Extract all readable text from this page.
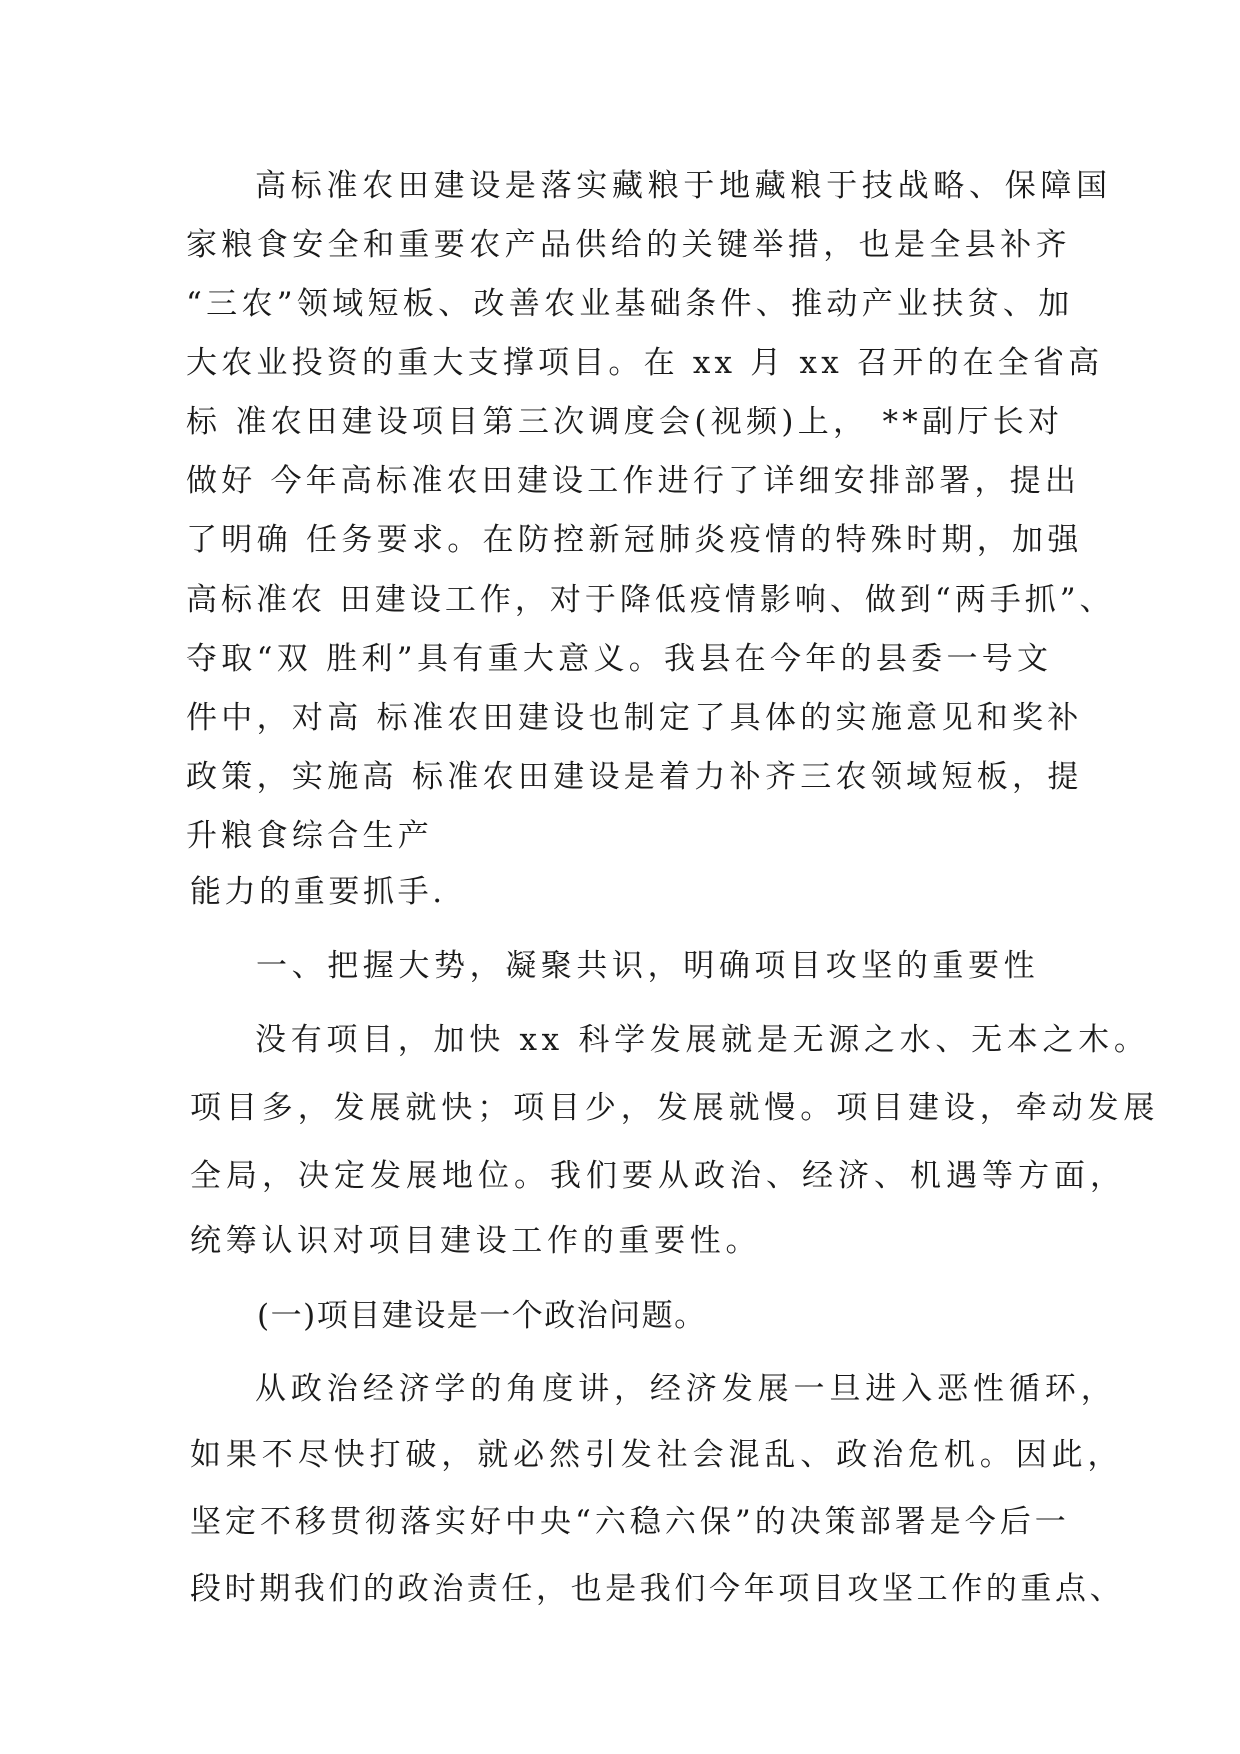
高标准农田建设是落实藏粮于地藏粮于技战略、保障国
家粮食安全和重要农产品供给的关键举措，也是全县补齐
“三农”领域短板、改善农业基础条件、推动产业扶贫、加
大农业投资的重大支撑项目。在 xx 月 xx 召开的在全省高
标 准农田建设项目第三次调度会(视频)上， **副厅长对
做好 今年高标准农田建设工作进行了详细安排部署，提出
了明确 任务要求。在防控新冠肺炎疫情的特殊时期，加强
高标准农 田建设工作，对于降低疫情影响、做到“两手抓”、
夺取“双 胜利”具有重大意义。我县在今年的县委一号文
件中，对高 标准农田建设也制定了具体的实施意见和奖补
政策，实施高 标准农田建设是着力补齐三农领域短板，提
升粮食综合生产
能力的重要抓手.
一、把握大势，凝聚共识，明确项目攻坚的重要性
没有项目，加快 xx 科学发展就是无源之水、无本之木。
项目多，发展就快；项目少，发展就慢。项目建设，牵动发展
全局，决定发展地位。我们要从政治、经济、机遇等方面，
统筹认识对项目建设工作的重要性。
(一)项目建设是一个政治问题。
从政治经济学的角度讲，经济发展一旦进入恶性循环，
如果不尽快打破，就必然引发社会混乱、政治危机。因此，
坚定不移贯彻落实好中央“六稳六保”的决策部署是今后一
段时期我们的政治责任，也是我们今年项目攻坚工作的重点、
